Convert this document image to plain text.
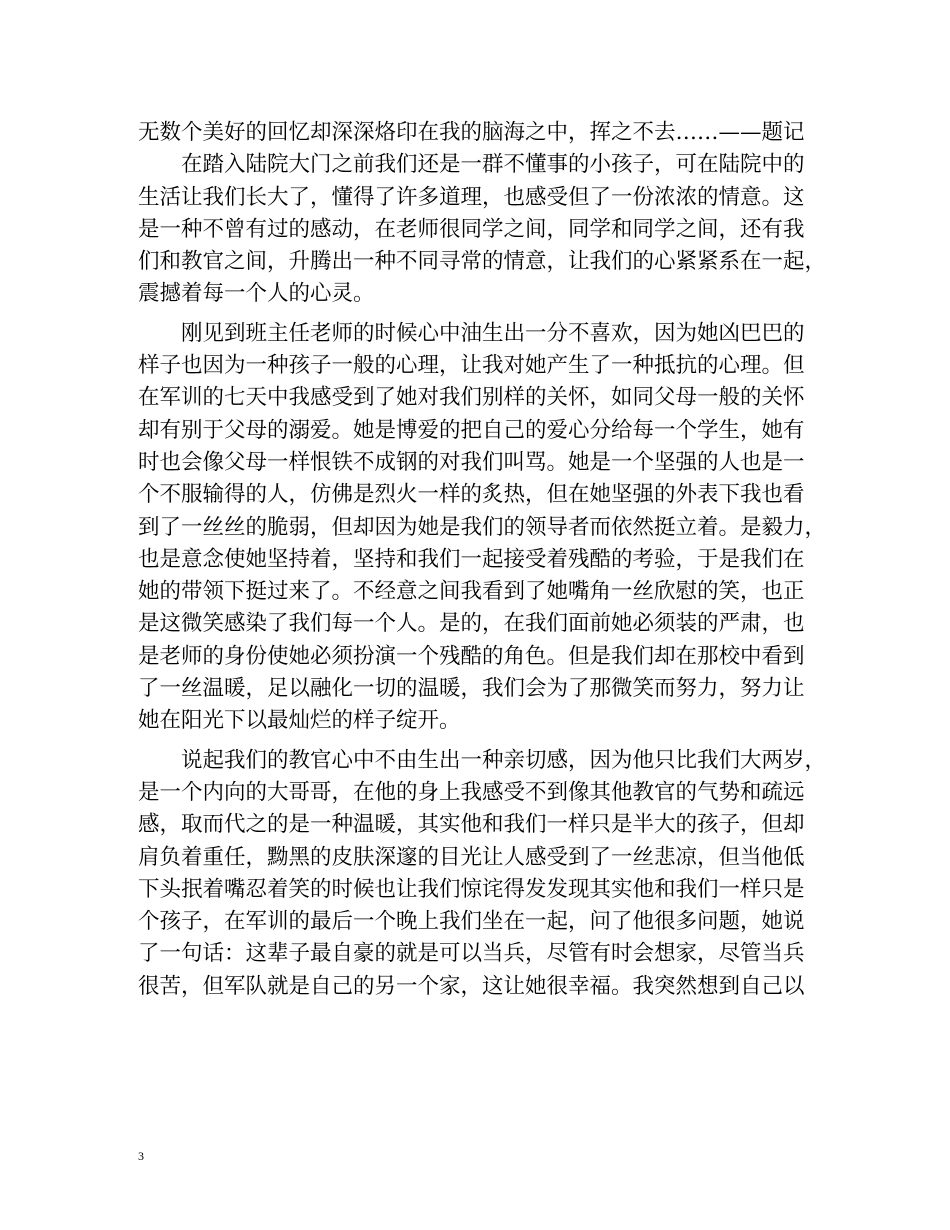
无数个美好的回忆却深深烙印在我的脑海之中，挥之不去……——题记
　　在踏入陆院大门之前我们还是一群不懂事的小孩子，可在陆院中的
生活让我们长大了，懂得了许多道理，也感受但了一份浓浓的情意。这
是一种不曾有过的感动，在老师很同学之间，同学和同学之间，还有我
们和教官之间，升腾出一种不同寻常的情意，让我们的心紧紧系在一起，
震撼着每一个人的心灵。
　　刚见到班主任老师的时候心中油生出一分不喜欢，因为她凶巴巴的
样子也因为一种孩子一般的心理，让我对她产生了一种抵抗的心理。但
在军训的七天中我感受到了她对我们别样的关怀，如同父母一般的关怀
却有别于父母的溺爱。她是博爱的把自己的爱心分给每一个学生，她有
时也会像父母一样恨铁不成钢的对我们叫骂。她是一个坚强的人也是一
个不服输得的人，仿佛是烈火一样的炙热，但在她坚强的外表下我也看
到了一丝丝的脆弱，但却因为她是我们的领导者而依然挺立着。是毅力，
也是意念使她坚持着，坚持和我们一起接受着残酷的考验，于是我们在
她的带领下挺过来了。不经意之间我看到了她嘴角一丝欣慰的笑，也正
是这微笑感染了我们每一个人。是的，在我们面前她必须装的严肃，也
是老师的身份使她必须扮演一个残酷的角色。但是我们却在那校中看到
了一丝温暖，足以融化一切的温暖，我们会为了那微笑而努力，努力让
她在阳光下以最灿烂的样子绽开。
　　说起我们的教官心中不由生出一种亲切感，因为他只比我们大两岁，
是一个内向的大哥哥，在他的身上我感受不到像其他教官的气势和疏远
感，取而代之的是一种温暖，其实他和我们一样只是半大的孩子，但却
肩负着重任，黝黑的皮肤深邃的目光让人感受到了一丝悲凉，但当他低
下头抿着嘴忍着笑的时候也让我们惊诧得发发现其实他和我们一样只是
个孩子，在军训的最后一个晚上我们坐在一起，问了他很多问题，她说
了一句话：这辈子最自豪的就是可以当兵，尽管有时会想家，尽管当兵
很苦，但军队就是自己的另一个家，这让她很幸福。我突然想到自己以
3
